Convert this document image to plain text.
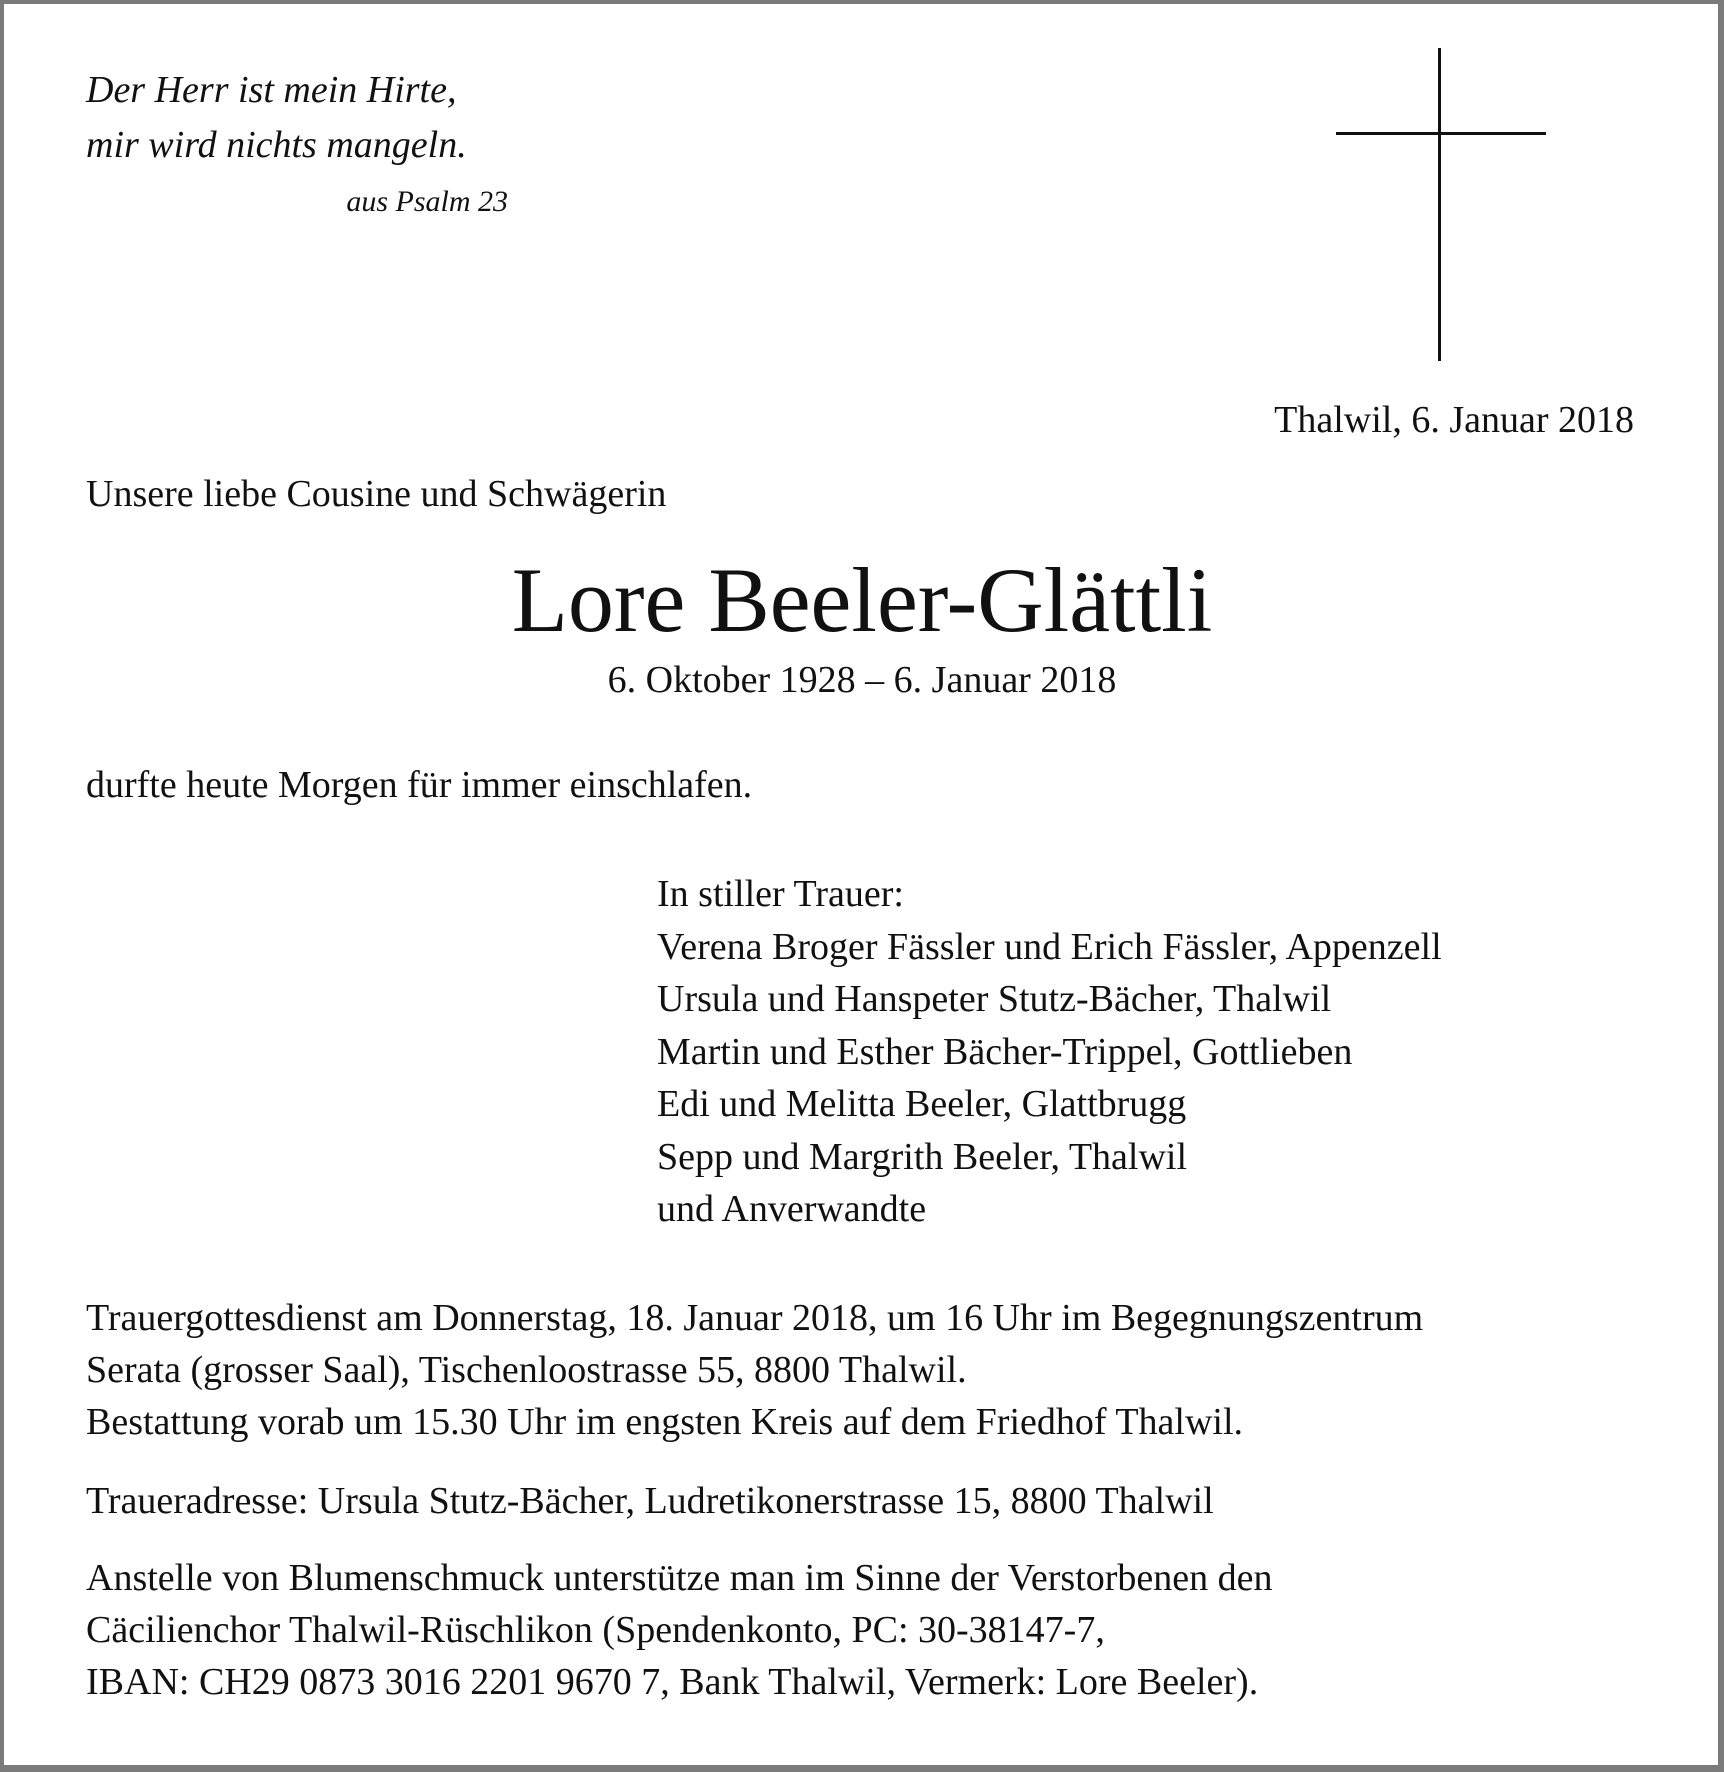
Der Herr ist mein Hirte,
mir wird nichts mangeln.
aus Psalm 23
Thalwil, 6. Januar 2018
Unsere liebe Cousine und Schwägerin
Lore Beeler-Glättli
6. Oktober 1928 – 6. Januar 2018
durfte heute Morgen für immer einschlafen.
In stiller Trauer:
Verena Broger Fässler und Erich Fässler, Appenzell
Ursula und Hanspeter Stutz-Bächer, Thalwil
Martin und Esther Bächer-Trippel, Gottlieben
Edi und Melitta Beeler, Glattbrugg
Sepp und Margrith Beeler, Thalwil
und Anverwandte
Trauergottesdienst am Donnerstag, 18. Januar 2018, um 16 Uhr im Begegnungszentrum
Serata (grosser Saal), Tischenloostrasse 55, 8800 Thalwil.
Bestattung vorab um 15.30 Uhr im engsten Kreis auf dem Friedhof Thalwil.
Traueradresse: Ursula Stutz-Bächer, Ludretikonerstrasse 15, 8800 Thalwil
Anstelle von Blumenschmuck unterstütze man im Sinne der Verstorbenen den
Cäcilienchor Thalwil-Rüschlikon (Spendenkonto, PC: 30-38147-7,
IBAN: CH29 0873 3016 2201 9670 7, Bank Thalwil, Vermerk: Lore Beeler).
